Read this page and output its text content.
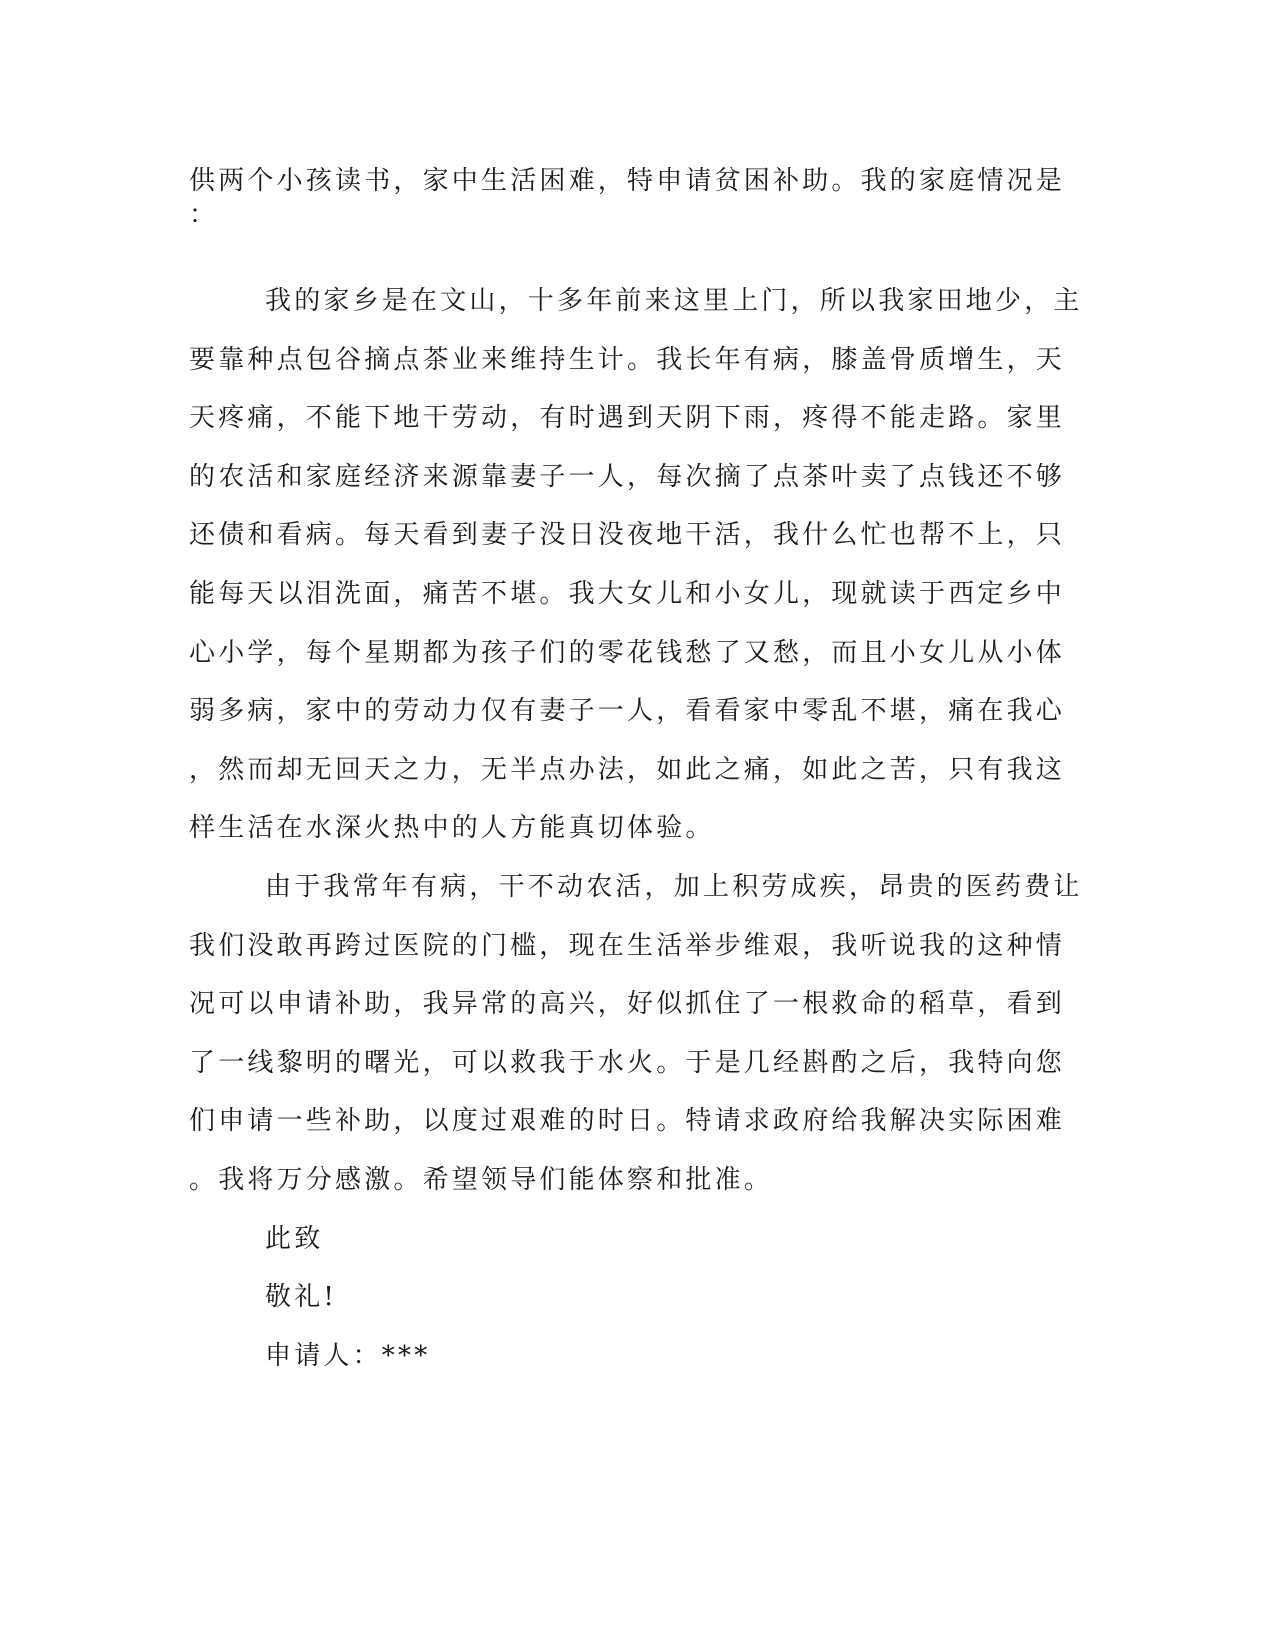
供两个小孩读书，家中生活困难，特申请贫困补助。我的家庭情况是
：
我的家乡是在文山，十多年前来这里上门，所以我家田地少，主
要靠种点包谷摘点茶业来维持生计。我长年有病，膝盖骨质增生，天
天疼痛，不能下地干劳动，有时遇到天阴下雨，疼得不能走路。家里
的农活和家庭经济来源靠妻子一人，每次摘了点茶叶卖了点钱还不够
还债和看病。每天看到妻子没日没夜地干活，我什么忙也帮不上，只
能每天以泪洗面，痛苦不堪。我大女儿和小女儿，现就读于西定乡中
心小学，每个星期都为孩子们的零花钱愁了又愁，而且小女儿从小体
弱多病，家中的劳动力仅有妻子一人，看看家中零乱不堪，痛在我心
，然而却无回天之力，无半点办法，如此之痛，如此之苦，只有我这
样生活在水深火热中的人方能真切体验。
由于我常年有病，干不动农活，加上积劳成疾，昂贵的医药费让
我们没敢再跨过医院的门槛，现在生活举步维艰，我听说我的这种情
况可以申请补助，我异常的高兴，好似抓住了一根救命的稻草，看到
了一线黎明的曙光，可以救我于水火。于是几经斟酌之后，我特向您
们申请一些补助，以度过艰难的时日。特请求政府给我解决实际困难
。我将万分感激。希望领导们能体察和批准。
此致
敬礼!
申请人：***
